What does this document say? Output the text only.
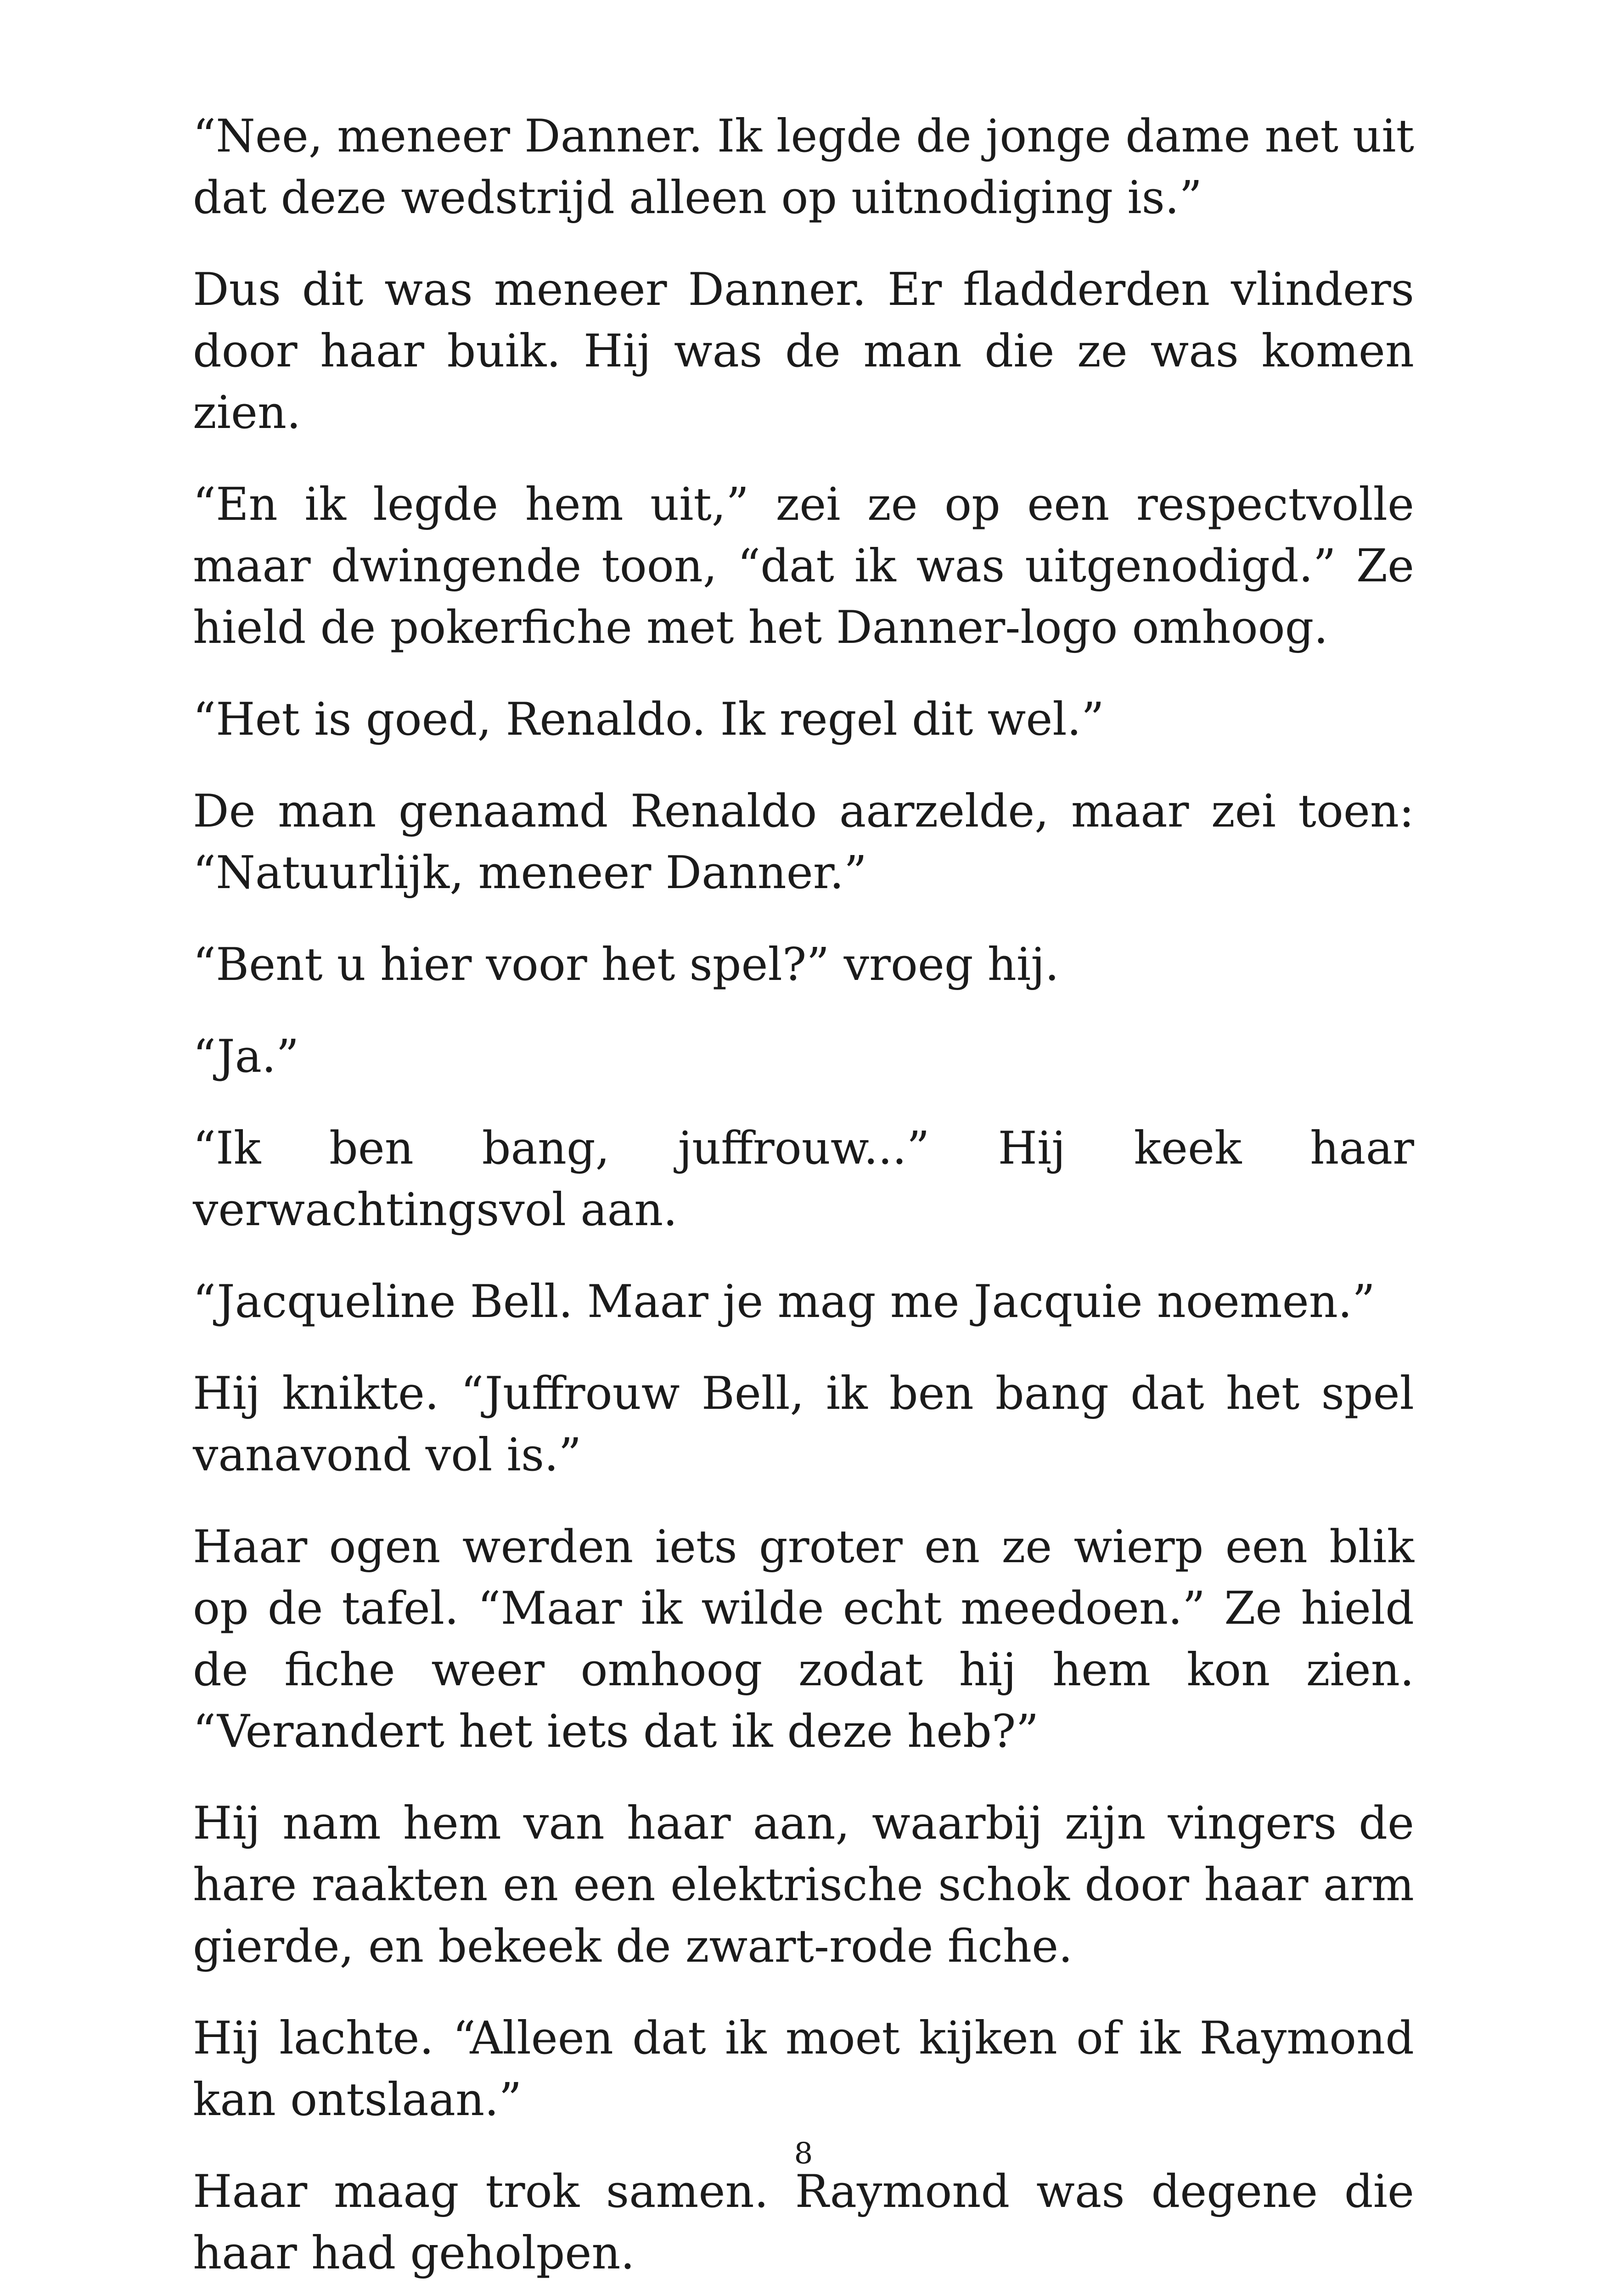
“Nee, meneer Danner. Ik legde de jonge dame net uit dat deze wedstrijd alleen op uitnodiging is.”

Dus dit was meneer Danner. Er fladderden vlinders door haar buik. Hij was de man die ze was komen zien.

“En ik legde hem uit,” zei ze op een respectvolle maar dwingende toon, “dat ik was uitgenodigd.” Ze hield de pokerfiche met het Danner-logo omhoog.

“Het is goed, Renaldo. Ik regel dit wel.”

De man genaamd Renaldo aarzelde, maar zei toen: “Natuurlijk, meneer Danner.”

“Bent u hier voor het spel?” vroeg hij.

“Ja.”

“Ik ben bang, juffrouw...” Hij keek haar verwachtingsvol aan.

“Jacqueline Bell. Maar je mag me Jacquie noemen.”

Hij knikte. “Juffrouw Bell, ik ben bang dat het spel vanavond vol is.”

Haar ogen werden iets groter en ze wierp een blik op de tafel. “Maar ik wilde echt meedoen.” Ze hield de fiche weer omhoog zodat hij hem kon zien. “Verandert het iets dat ik deze heb?”

Hij nam hem van haar aan, waarbij zijn vingers de hare raakten en een elektrische schok door haar arm gierde, en bekeek de zwart-rode fiche.

Hij lachte. “Alleen dat ik moet kijken of ik Raymond kan ontslaan.”

Haar maag trok samen. Raymond was degene die haar had geholpen.

8
